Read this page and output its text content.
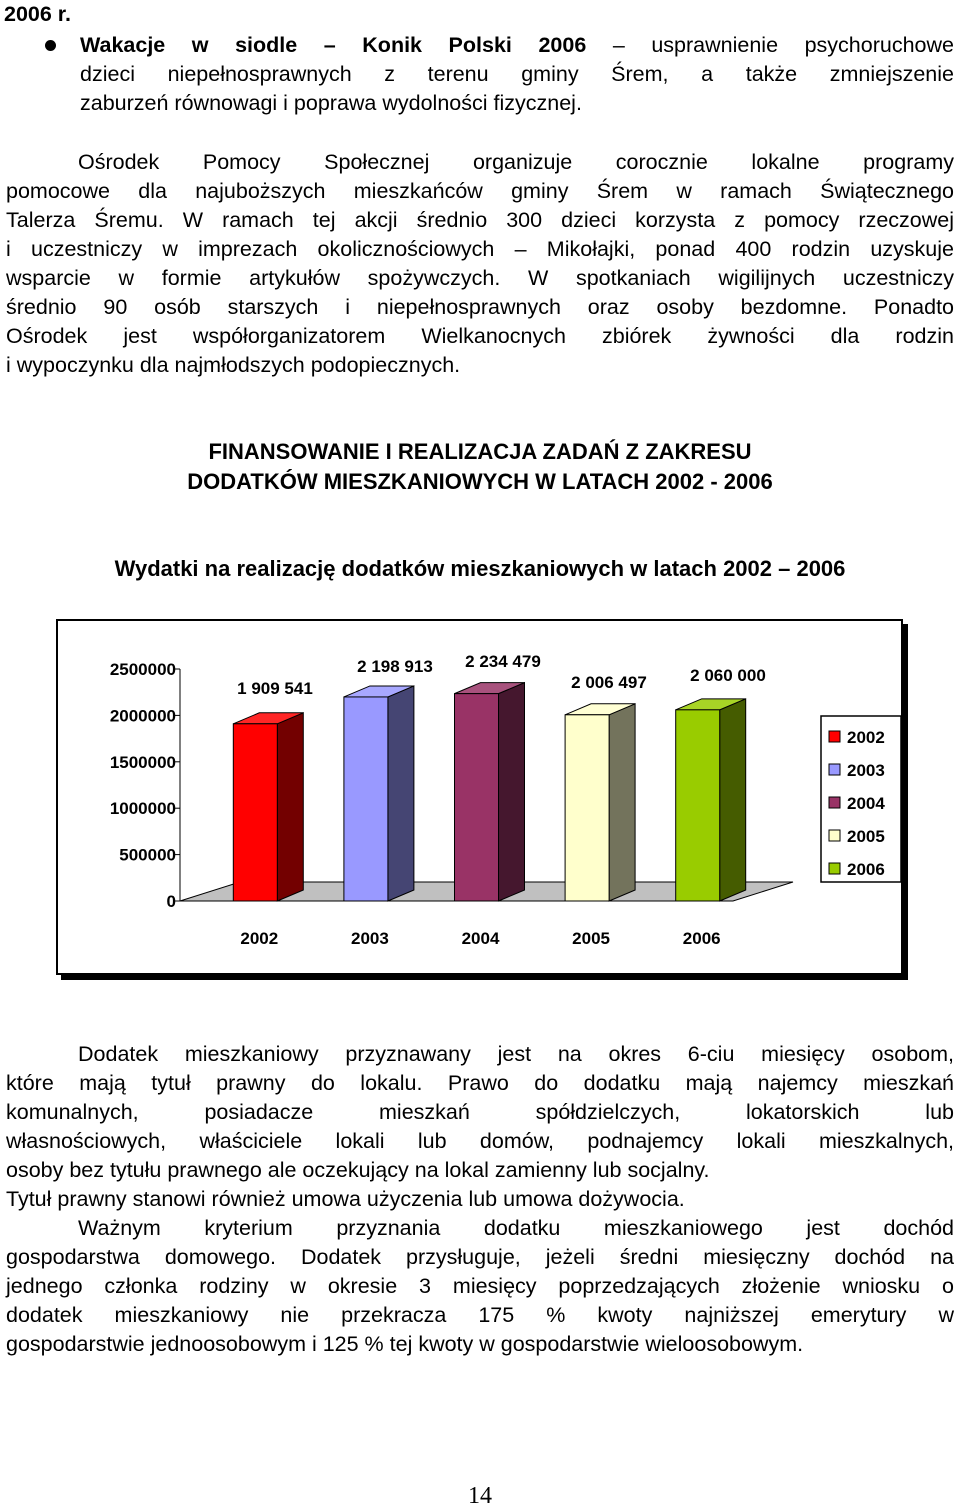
2006 r.
Wakacje w siodle – Konik Polski 2006 – usprawnienie psychoruchowe
dzieci niepełnosprawnych z terenu gminy Śrem, a także zmniejszenie
zaburzeń równowagi i poprawa wydolności fizycznej.
Ośrodek Pomocy Społecznej organizuje corocznie lokalne programy
pomocowe dla najuboższych mieszkańców gminy Śrem w ramach Świątecznego
Talerza Śremu. W ramach tej akcji średnio 300 dzieci korzysta z pomocy rzeczowej
i uczestniczy w imprezach okolicznościowych – Mikołajki, ponad 400 rodzin uzyskuje
wsparcie w formie artykułów spożywczych. W spotkaniach wigilijnych uczestniczy
średnio 90 osób starszych i niepełnosprawnych oraz osoby bezdomne. Ponadto
Ośrodek jest współorganizatorem Wielkanocnych zbiórek żywności dla rodzin
i wypoczynku dla najmłodszych podopiecznych.
FINANSOWANIE I REALIZACJA ZADAŃ Z ZAKRESU
DODATKÓW MIESZKANIOWYCH W LATACH 2002 - 2006
Wydatki na realizację dodatków mieszkaniowych w latach 2002 – 2006
0
500000
1000000
1500000
2000000
2500000
2002	2003	2004	2005	2006
1 909 541
2 198 913 2 234 479
2 006 497	2 060 000
2002
2003
2004
2005
2006
Dodatek mieszkaniowy przyznawany jest na okres 6-ciu miesięcy osobom,
które mają tytuł prawny do lokalu. Prawo do dodatku mają najemcy mieszkań
komunalnych, posiadacze mieszkań spółdzielczych, lokatorskich lub
własnościowych, właściciele lokali lub domów, podnajemcy lokali mieszkalnych,
osoby bez tytułu prawnego ale oczekujący na lokal zamienny lub socjalny.
Tytuł prawny stanowi również umowa użyczenia lub umowa dożywocia.
Ważnym kryterium przyznania dodatku mieszkaniowego jest dochód
gospodarstwa domowego. Dodatek przysługuje, jeżeli średni miesięczny dochód na
jednego członka rodziny w okresie 3 miesięcy poprzedzających złożenie wniosku o
dodatek mieszkaniowy nie przekracza 175 % kwoty najniższej emerytury w
gospodarstwie jednoosobowym i 125 % tej kwoty w gospodarstwie wieloosobowym.
14
